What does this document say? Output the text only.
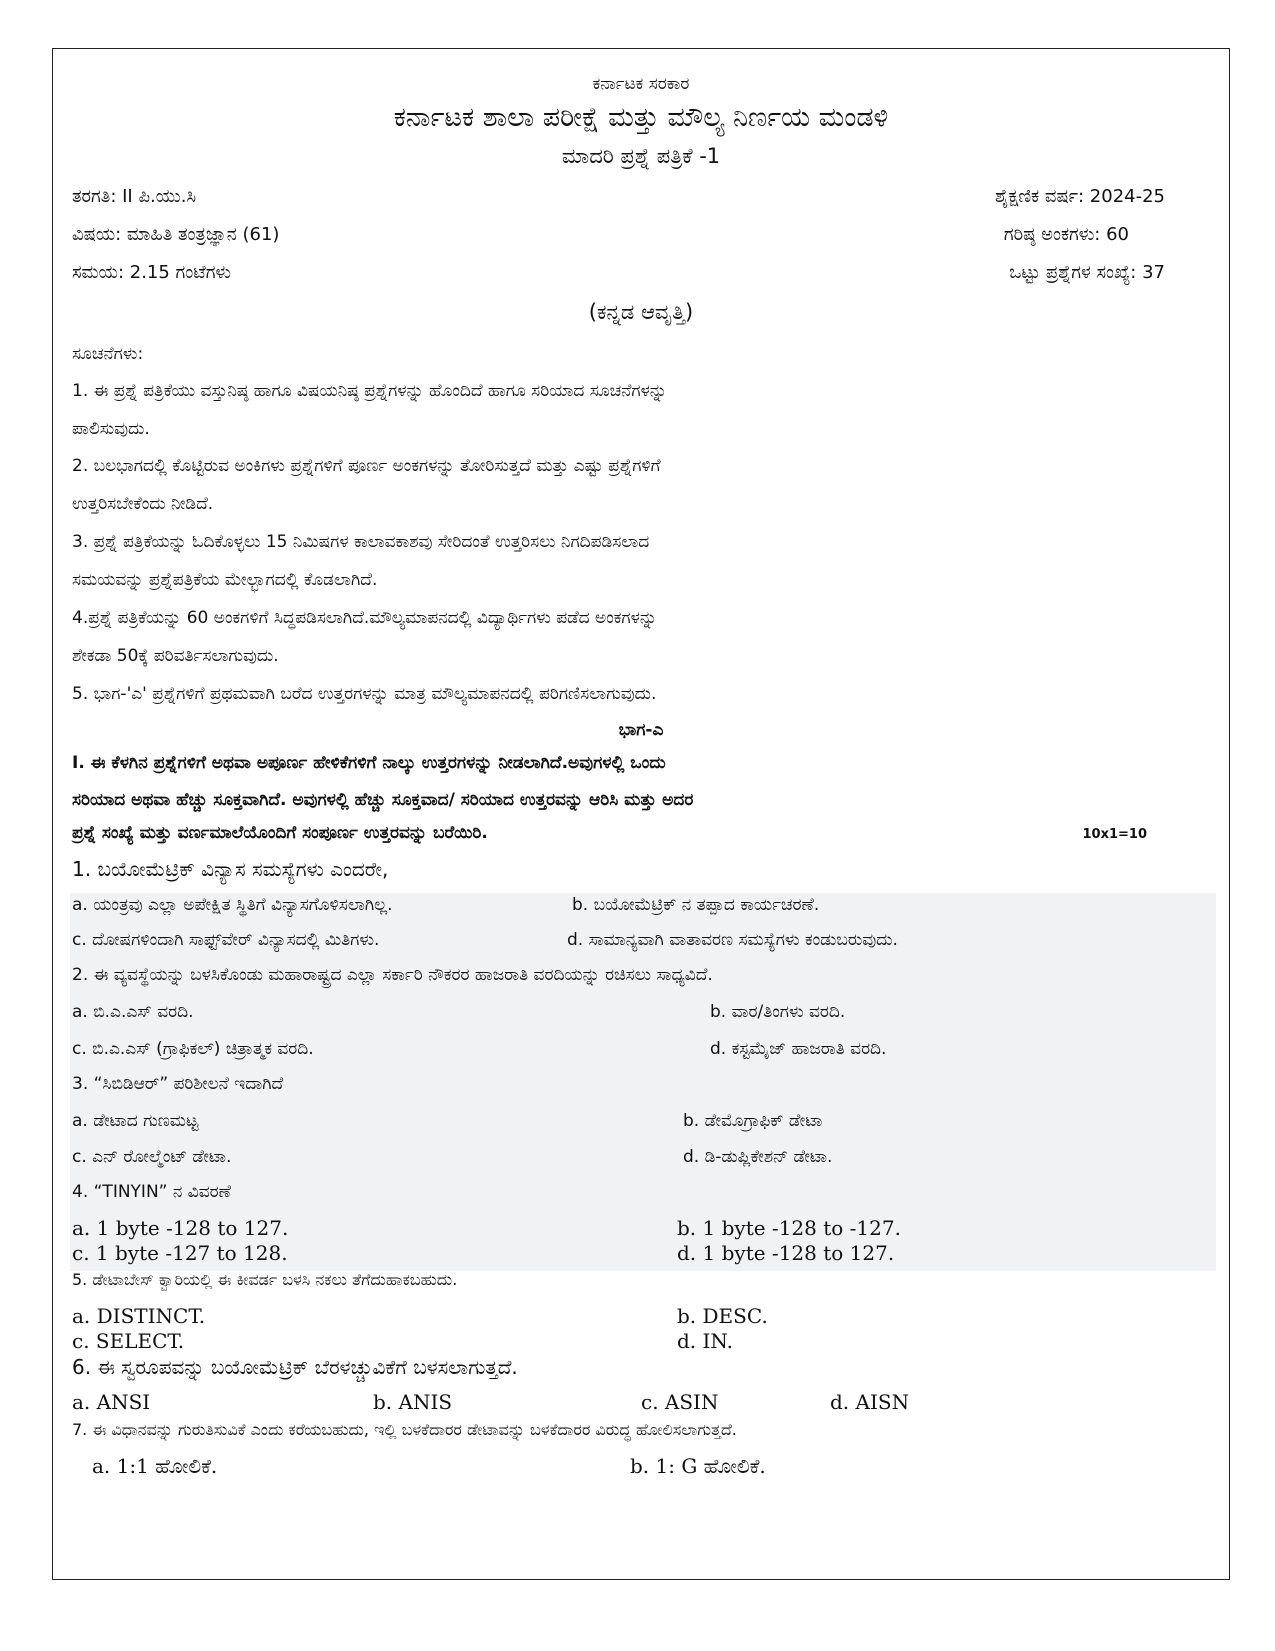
ಕರ್ನಾಟಕ ಸರಕಾರ
ಕರ್ನಾಟಕ ಶಾಲಾ ಪರೀಕ್ಷೆ ಮತ್ತು ಮೌಲ್ಯ ನಿರ್ಣಯ ಮಂಡಳಿ
ಮಾದರಿ ಪ್ರಶ್ನೆ ಪತ್ರಿಕೆ -1
ತರಗತಿ: II ಪಿ.ಯು.ಸಿ	ಶೈಕ್ಷಣಿಕ ವರ್ಷ: 2024-25
ವಿಷಯ: ಮಾಹಿತಿ ತಂತ್ರಜ್ಞಾನ (61)	ಗರಿಷ್ಠ ಅಂಕಗಳು: 60
ಸಮಯ: 2.15 ಗಂಟೆಗಳು	ಒಟ್ಟು ಪ್ರಶ್ನೆಗಳ ಸಂಖ್ಯೆ: 37
(ಕನ್ನಡ ಆವೃತ್ತಿ)
ಸೂಚನೆಗಳು:
1. ಈ ಪ್ರಶ್ನೆ ಪತ್ರಿಕೆಯು ವಸ್ತುನಿಷ್ಠ ಹಾಗೂ ವಿಷಯನಿಷ್ಠ ಪ್ರಶ್ನೆಗಳನ್ನು ಹೊಂದಿದೆ ಹಾಗೂ ಸರಿಯಾದ ಸೂಚನೆಗಳನ್ನು
ಪಾಲಿಸುವುದು.
2. ಬಲಭಾಗದಲ್ಲಿ ಕೊಟ್ಟಿರುವ ಅಂಕಿಗಳು ಪ್ರಶ್ನೆಗಳಿಗೆ ಪೂರ್ಣ ಅಂಕಗಳನ್ನು ತೋರಿಸುತ್ತದೆ ಮತ್ತು ಎಷ್ಟು ಪ್ರಶ್ನೆಗಳಿಗೆ
ಉತ್ತರಿಸಬೇಕೆಂದು ನೀಡಿದೆ.
3. ಪ್ರಶ್ನೆ ಪತ್ರಿಕೆಯನ್ನು ಓದಿಕೊಳ್ಳಲು 15 ನಿಮಿಷಗಳ ಕಾಲಾವಕಾಶವು ಸೇರಿದಂತೆ ಉತ್ತರಿಸಲು ನಿಗದಿಪಡಿಸಲಾದ
ಸಮಯವನ್ನು ಪ್ರಶ್ನೆಪತ್ರಿಕೆಯ ಮೇಲ್ಭಾಗದಲ್ಲಿ ಕೊಡಲಾಗಿದೆ.
4.ಪ್ರಶ್ನೆ ಪತ್ರಿಕೆಯನ್ನು 60 ಅಂಕಗಳಿಗೆ ಸಿದ್ಧಪಡಿಸಲಾಗಿದೆ.ಮೌಲ್ಯಮಾಪನದಲ್ಲಿ ವಿದ್ಯಾರ್ಥಿಗಳು ಪಡೆದ ಅಂಕಗಳನ್ನು
ಶೇಕಡಾ 50ಕ್ಕೆ ಪರಿವರ್ತಿಸಲಾಗುವುದು.
5. ಭಾಗ-'ಎ' ಪ್ರಶ್ನೆಗಳಿಗೆ ಪ್ರಥಮವಾಗಿ ಬರೆದ ಉತ್ತರಗಳನ್ನು ಮಾತ್ರ ಮೌಲ್ಯಮಾಪನದಲ್ಲಿ ಪರಿಗಣಿಸಲಾಗುವುದು.
ಭಾಗ-ಎ
I. ಈ ಕೆಳಗಿನ ಪ್ರಶ್ನೆಗಳಿಗೆ ಅಥವಾ ಅಪೂರ್ಣ ಹೇಳಿಕೆಗಳಿಗೆ ನಾಲ್ಕು ಉತ್ತರಗಳನ್ನು ನೀಡಲಾಗಿದೆ.ಅವುಗಳಲ್ಲಿ ಒಂದು
ಸರಿಯಾದ ಅಥವಾ ಹೆಚ್ಚು ಸೂಕ್ತವಾಗಿದೆ. ಅವುಗಳಲ್ಲಿ ಹೆಚ್ಚು ಸೂಕ್ತವಾದ/ ಸರಿಯಾದ ಉತ್ತರವನ್ನು ಆರಿಸಿ ಮತ್ತು ಅದರ
ಪ್ರಶ್ನೆ ಸಂಖ್ಯೆ ಮತ್ತು ವರ್ಣಮಾಲೆಯೊಂದಿಗೆ ಸಂಪೂರ್ಣ ಉತ್ತರವನ್ನು ಬರೆಯಿರಿ.	10x1=10
1. ಬಯೋಮೆಟ್ರಿಕ್ ವಿನ್ಯಾಸ ಸಮಸ್ಯೆಗಳು ಎಂದರೇ,
a. ಯಂತ್ರವು ಎಲ್ಲಾ ಅಪೇಕ್ಷಿತ ಸ್ಥಿತಿಗೆ ವಿನ್ಯಾಸಗೊಳಿಸಲಾಗಿಲ್ಲ.	b. ಬಯೋಮೆಟ್ರಿಕ್ ನ ತಪ್ಪಾದ ಕಾರ್ಯಚರಣೆ.
c. ದೋಷಗಳಿಂದಾಗಿ ಸಾಫ್ಟ್‌ವೇರ್ ವಿನ್ಯಾಸದಲ್ಲಿ ಮಿತಿಗಳು.	d. ಸಾಮಾನ್ಯವಾಗಿ ವಾತಾವರಣ ಸಮಸ್ಯೆಗಳು ಕಂಡುಬರುವುದು.
2. ಈ ವ್ಯವಸ್ಥೆಯನ್ನು ಬಳಸಿಕೊಂಡು ಮಹಾರಾಷ್ಟ್ರದ ಎಲ್ಲಾ ಸರ್ಕಾರಿ ನೌಕರರ ಹಾಜರಾತಿ ವರದಿಯನ್ನು ರಚಿಸಲು ಸಾಧ್ಯವಿದೆ.
a. ಬಿ.ಎ.ಎಸ್ ವರದಿ.	b. ವಾರ/ತಿಂಗಳು ವರದಿ.
c. ಬಿ.ಎ.ಎಸ್ (ಗ್ರಾಫಿಕಲ್) ಚಿತ್ರಾತ್ಮಕ ವರದಿ.	d. ಕಸ್ಟಮೈಜ್ ಹಾಜರಾತಿ ವರದಿ.
3. “ಸಿಬಿಡಿಆರ್” ಪರಿಶೀಲನೆ ಇದಾಗಿದೆ
a. ಡೇಟಾದ ಗುಣಮಟ್ಟ	b. ಡೇಮೊಗ್ರಾಫಿಕ್ ಡೇಟಾ
c. ಎನ್ ರೋಲ್ಮೆಂಟ್ ಡೇಟಾ.	d. ಡಿ-ಡುಪ್ಲಿಕೇಶನ್ ಡೇಟಾ.
4. “TINYIN” ನ ವಿವರಣೆ
a. 1 byte -128 to 127.	b. 1 byte -128 to -127.
c. 1 byte -127 to 128.	d. 1 byte -128 to 127.
5. ಡೇಟಾಬೇಸ್ ಕ್ವಾರಿಯಲ್ಲಿ ಈ ಕೀವರ್ಡ ಬಳಸಿ ನಕಲು ತೆಗೆದುಹಾಕಬಹುದು.
a. DISTINCT.	b. DESC.
c. SELECT.	d. IN.
6. ಈ ಸ್ವರೂಪವನ್ನು ಬಯೋಮೆಟ್ರಿಕ್ ಬೆರಳಚ್ಚುವಿಕೆಗೆ ಬಳಸಲಾಗುತ್ತದೆ.
a. ANSI	b. ANIS	c. ASIN	d. AISN
7. ಈ ವಿಧಾನವನ್ನು ಗುರುತಿಸುವಿಕೆ ಎಂದು ಕರೆಯಬಹುದು, ಇಲ್ಲಿ ಬಳಕೆದಾರರ ಡೇಟಾವನ್ನು ಬಳಕೆದಾರರ ವಿರುದ್ಧ ಹೋಲಿಸಲಾಗುತ್ತದೆ.
a. 1:1 ಹೋಲಿಕೆ.	b. 1: G ಹೋಲಿಕೆ.
